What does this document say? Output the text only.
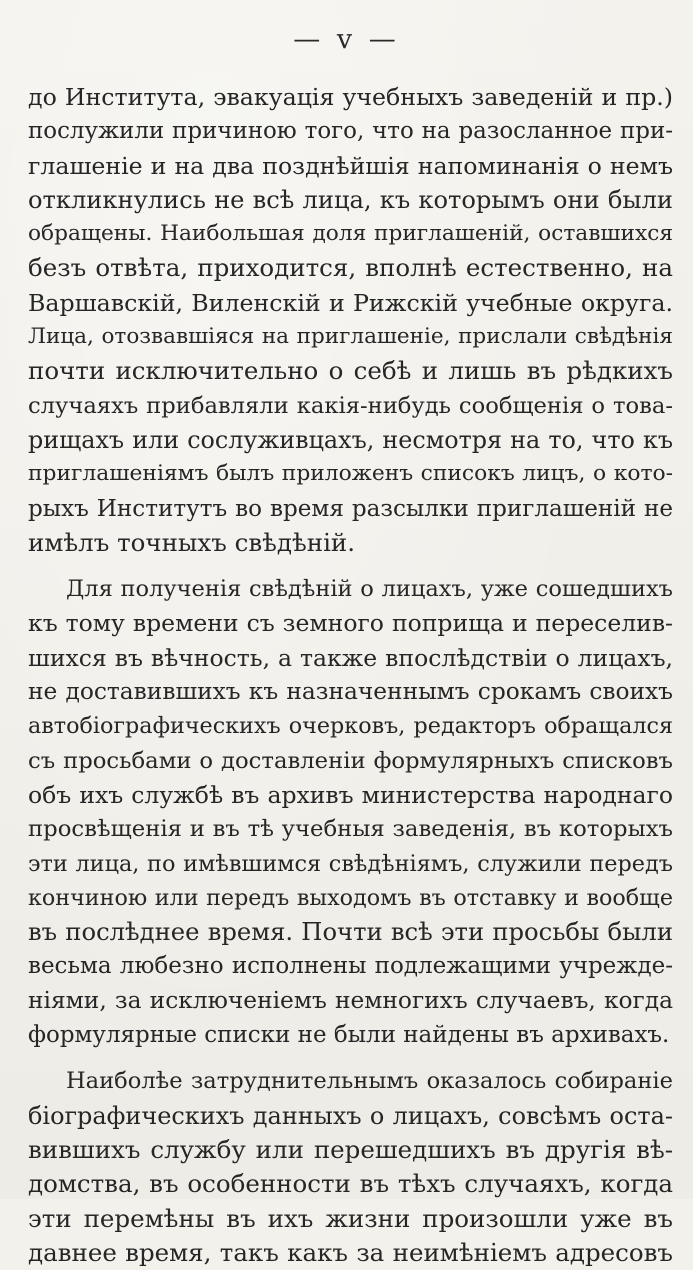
— v —
до Института, эвакуація учебныхъ заведеній и пр.)
послужили причиною того, что на разосланное при-
глашеніе и на два позднѣйшія напоминанія о немъ
откликнулись не всѣ лица, къ которымъ они были
обращены. Наибольшая доля приглашеній, оставшихся
безъ отвѣта, приходится, вполнѣ естественно, на
Варшавскій, Виленскій и Рижскій учебные округа.
Лица, отозвавшіяся на приглашеніе, прислали свѣдѣнія
почти исключительно о себѣ и лишь въ рѣдкихъ
случаяхъ прибавляли какія-нибудь сообщенія о това-
рищахъ или сослуживцахъ, несмотря на то, что къ
приглашеніямъ былъ приложенъ списокъ лицъ, о кото-
рыхъ Институтъ во время разсылки приглашеній не
имѣлъ точныхъ свѣдѣній.
Для полученія свѣдѣній о лицахъ, уже сошедшихъ
къ тому времени съ земного поприща и переселив-
шихся въ вѣчность, а также впослѣдствіи о лицахъ,
не доставившихъ къ назначеннымъ срокамъ своихъ
автобіографическихъ очерковъ, редакторъ обращался
съ просьбами о доставленіи формулярныхъ списковъ
объ ихъ службѣ въ архивъ министерства народнаго
просвѣщенія и въ тѣ учебныя заведенія, въ которыхъ
эти лица, по имѣвшимся свѣдѣніямъ, служили передъ
кончиною или передъ выходомъ въ отставку и вообще
въ послѣднее время. Почти всѣ эти просьбы были
весьма любезно исполнены подлежащими учрежде-
ніями, за исключеніемъ немногихъ случаевъ, когда
формулярные списки не были найдены въ архивахъ.
Наиболѣе затруднительнымъ оказалось собираніе
біографическихъ данныхъ о лицахъ, совсѣмъ оста-
вившихъ службу или перешедшихъ въ другія вѣ-
домства, въ особенности въ тѣхъ случаяхъ, когда
эти перемѣны въ ихъ жизни произошли уже въ
давнее время, такъ какъ за неимѣніемъ адресовъ
